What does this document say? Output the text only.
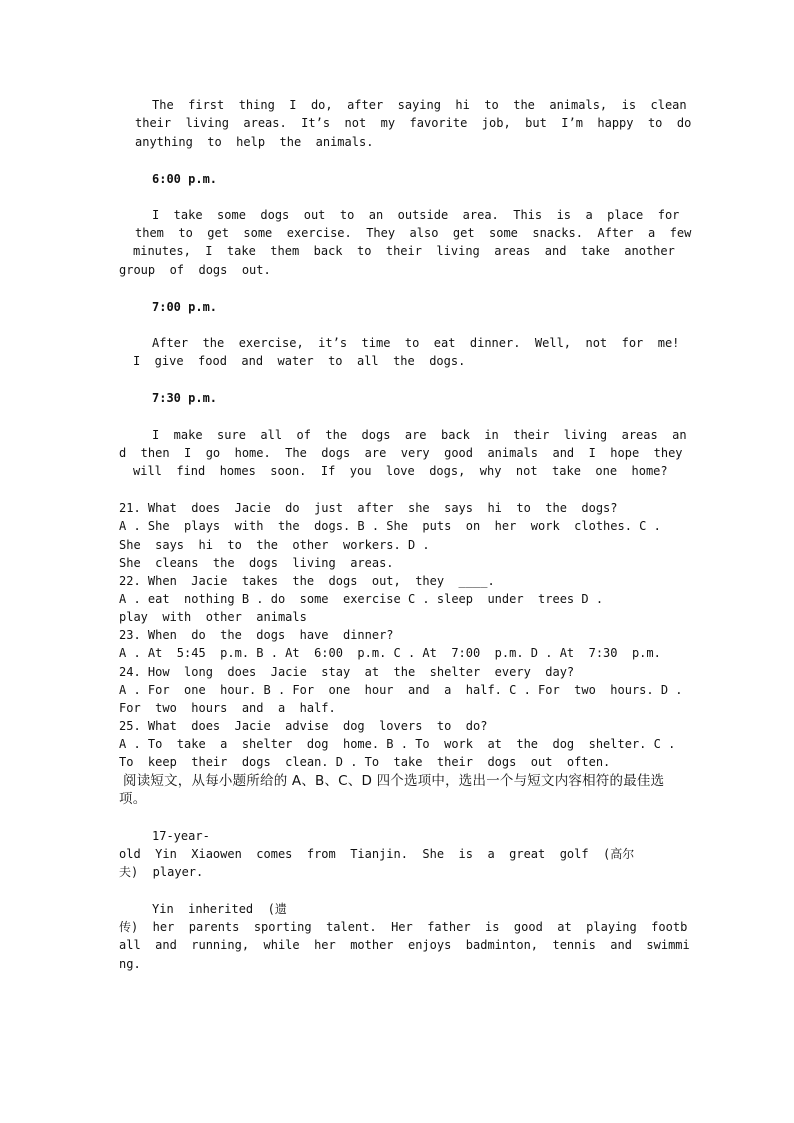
The  first  thing  I  do,  after  saying  hi  to  the  animals,  is  clean
their  living  areas.  It’s  not  my  favorite  job,  but  I’m  happy  to  do
anything  to  help  the  animals.
6:00 p.m.
I  take  some  dogs  out  to  an  outside  area.  This  is  a  place  for
them  to  get  some  exercise.  They  also  get  some  snacks.  After  a  few
minutes,  I  take  them  back  to  their  living  areas  and  take  another
group  of  dogs  out.
7:00 p.m.
After  the  exercise,  it’s  time  to  eat  dinner.  Well,  not  for  me!
I  give  food  and  water  to  all  the  dogs.
7:30 p.m.
I  make  sure  all  of  the  dogs  are  back  in  their  living  areas  an
d  then  I  go  home.  The  dogs  are  very  good  animals  and  I  hope  they
will  find  homes  soon.  If  you  love  dogs,  why  not  take  one  home?
21. What  does  Jacie  do  just  after  she  says  hi  to  the  dogs?
A . She  plays  with  the  dogs. B . She  puts  on  her  work  clothes. C .
She  says  hi  to  the  other  workers. D .
She  cleans  the  dogs  living  areas.
22. When  Jacie  takes  the  dogs  out,  they  ____.
A . eat  nothing B . do  some  exercise C . sleep  under  trees D .
play  with  other  animals
23. When  do  the  dogs  have  dinner?
A . At  5:45  p.m. B . At  6:00  p.m. C . At  7:00  p.m. D . At  7:30  p.m.
24. How  long  does  Jacie  stay  at  the  shelter  every  day?
A . For  one  hour. B . For  one  hour  and  a  half. C . For  two  hours. D .
For  two  hours  and  a  half.
25. What  does  Jacie  advise  dog  lovers  to  do?
A . To  take  a  shelter  dog  home. B . To  work  at  the  dog  shelter. C .
To  keep  their  dogs  clean. D . To  take  their  dogs  out  often.
阅读短文，从每小题所给的 A、B、C、D 四个选项中，选出一个与短文内容相符的最佳选
项。
17-year-
old  Yin  Xiaowen  comes  from  Tianjin.  She  is  a  great  golf  (高尔
夫)  player.
Yin  inherited  (遗
传)  her  parents  sporting  talent.  Her  father  is  good  at  playing  footb
all  and  running,  while  her  mother  enjoys  badminton,  tennis  and  swimmi
ng.
